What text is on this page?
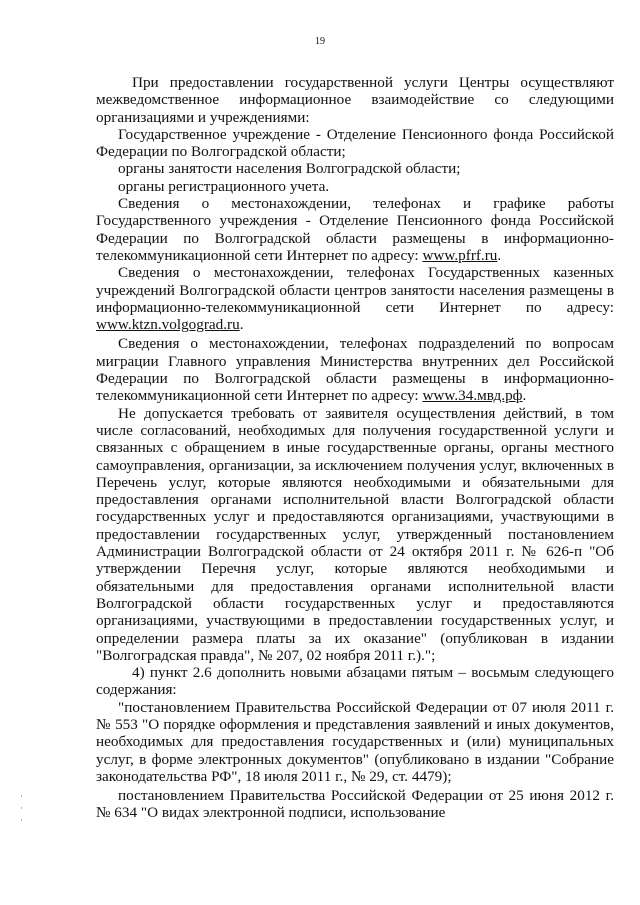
19

При предоставлении государственной услуги Центры осуществляют межведомственное информационное взаимодействие со следующими организациями и учреждениями:

Государственное учреждение - Отделение Пенсионного фонда Российской Федерации по Волгоградской области;

органы занятости населения Волгоградской области;

органы регистрационного учета.

Сведения о местонахождении, телефонах и графике работы Государственного учреждения - Отделение Пенсионного фонда Российской Федерации по Волгоградской области размещены в информационно-телекоммуникационной сети Интернет по адресу: www.pfrf.ru.

Сведения о местонахождении, телефонах Государственных казенных учреждений Волгоградской области центров занятости населения размещены в информационно-телекоммуникационной сети Интернет по адресу: www.ktzn.volgograd.ru.

Сведения о местонахождении, телефонах подразделений по вопросам миграции Главного управления Министерства внутренних дел Российской Федерации по Волгоградской области размещены в информационно-телекоммуникационной сети Интернет по адресу: www.34.мвд.рф.

Не допускается требовать от заявителя осуществления действий, в том числе согласований, необходимых для получения государственной услуги и связанных с обращением в иные государственные органы, органы местного самоуправления, организации, за исключением получения услуг, включенных в Перечень услуг, которые являются необходимыми и обязательными для предоставления органами исполнительной власти Волгоградской области государственных услуг и предоставляются организациями, участвующими в предоставлении государственных услуг, утвержденный постановлением Администрации Волгоградской области от 24 октября 2011 г. № 626-п "Об утверждении Перечня услуг, которые являются необходимыми и обязательными для предоставления органами исполнительной власти Волгоградской области государственных услуг и предоставляются организациями, участвующими в предоставлении государственных услуг, и определении размера платы за их оказание" (опубликован в издании "Волгоградская правда", № 207, 02 ноября 2011 г.).";

4) пункт 2.6 дополнить новыми абзацами пятым – восьмым следующего содержания:

"постановлением Правительства Российской Федерации от 07 июля 2011 г. № 553 "О порядке оформления и представления заявлений и иных документов, необходимых для предоставления государственных и (или) муниципальных услуг, в форме электронных документов" (опубликовано в издании "Собрание законодательства РФ", 18 июля 2011 г., № 29, ст. 4479);

постановлением Правительства Российской Федерации от 25 июня 2012 г. № 634 "О видах электронной подписи, использование

·
·
·
